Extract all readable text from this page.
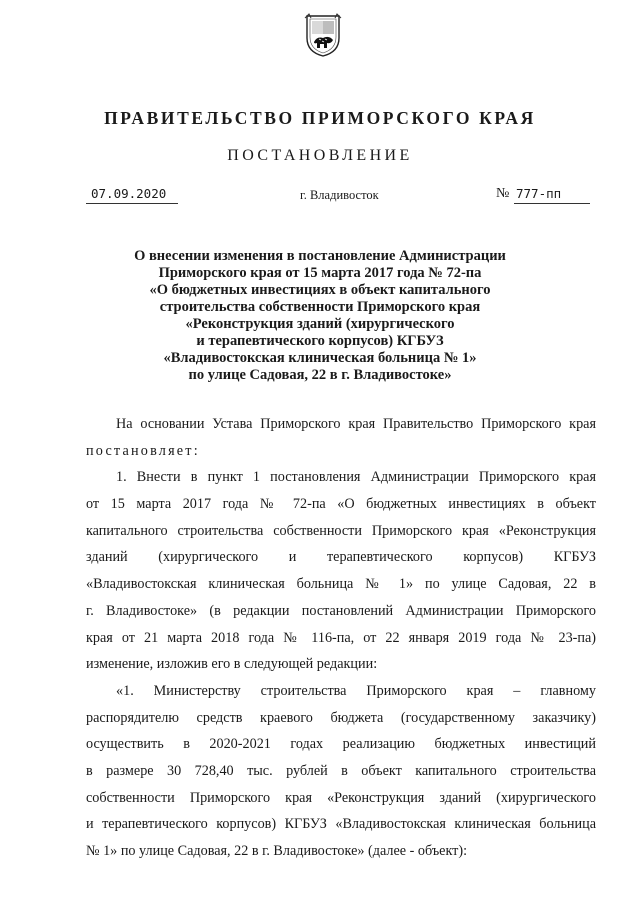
ПРАВИТЕЛЬСТВО ПРИМОРСКОГО КРАЯ
ПОСТАНОВЛЕНИЕ
07.09.2020	г. Владивосток	№ 777-пп
О внесении изменения в постановление Администрации
Приморского края от 15 марта 2017 года № 72-па
«О бюджетных инвестициях в объект капитального
строительства собственности Приморского края
«Реконструкция зданий (хирургического
и терапевтического корпусов) КГБУЗ
«Владивостокская клиническая больница № 1»
по улице Садовая, 22 в г. Владивостоке»
На основании Устава Приморского края Правительство Приморского края
постановляет:
1. Внести в пункт 1 постановления Администрации Приморского края
от 15 марта 2017 года № 72-па «О бюджетных инвестициях в объект
капитального строительства собственности Приморского края «Реконструкция
зданий (хирургического и терапевтического корпусов) КГБУЗ
«Владивостокская клиническая больница № 1» по улице Садовая, 22 в
г. Владивостоке» (в редакции постановлений Администрации Приморского
края от 21 марта 2018 года № 116-па, от 22 января 2019 года № 23-па)
изменение, изложив его в следующей редакции:
«1. Министерству строительства Приморского края – главному
распорядителю средств краевого бюджета (государственному заказчику)
осуществить в 2020-2021 годах реализацию бюджетных инвестиций
в размере 30 728,40 тыс. рублей в объект капитального строительства
собственности Приморского края «Реконструкция зданий (хирургического
и терапевтического корпусов) КГБУЗ «Владивостокская клиническая больница
№ 1» по улице Садовая, 22 в г. Владивостоке» (далее - объект):
